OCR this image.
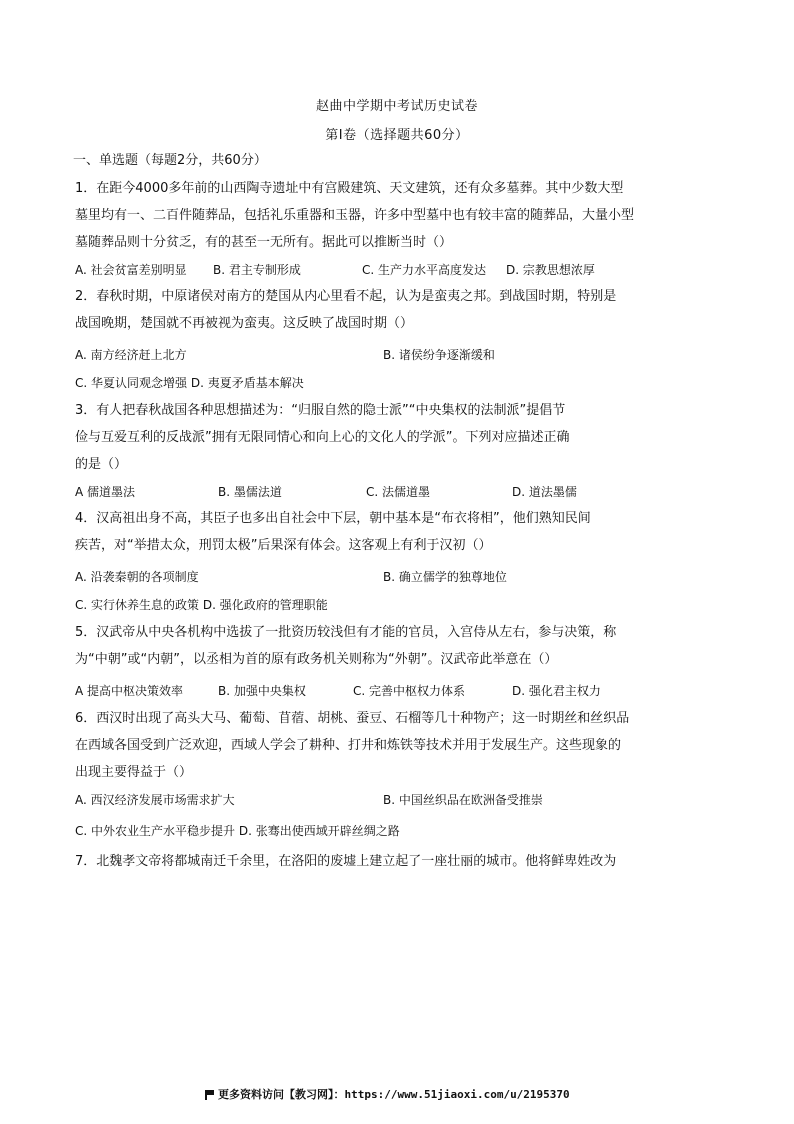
赵曲中学期中考试历史试卷
第Ⅰ卷（选择题共60分）
一、单选题（每题2分，共60分）
1．在距今4000多年前的山西陶寺遗址中有宫殿建筑、天文建筑，还有众多墓葬。其中少数大型
墓里均有一、二百件随葬品，包括礼乐重器和玉器，许多中型墓中也有较丰富的随葬品，大量小型
墓随葬品则十分贫乏，有的甚至一无所有。据此可以推断当时（）
A. 社会贫富差别明显 B. 君主专制形成	C. 生产力水平高度发达 D. 宗教思想浓厚
2．春秋时期，中原诸侯对南方的楚国从内心里看不起，认为是蛮夷之邦。到战国时期，特别是
战国晚期，楚国就不再被视为蛮夷。这反映了战国时期（）
A. 南方经济赶上北方	B. 诸侯纷争逐渐缓和
C. 华夏认同观念增强 D. 夷夏矛盾基本解决
3．有人把春秋战国各种思想描述为：“归服自然的隐士派”“中央集权的法制派”提倡节
俭与互爱互利的反战派”拥有无限同情心和向上心的文化人的学派”。下列对应描述正确
的是（）
A 儒道墨法	B. 墨儒法道	C. 法儒道墨	D. 道法墨儒
4．汉高祖出身不高，其臣子也多出自社会中下层，朝中基本是“布衣将相”，他们熟知民间
疾苦，对“举措太众，刑罚太极”后果深有体会。这客观上有利于汉初（）
A. 沿袭秦朝的各项制度	B. 确立儒学的独尊地位
C. 实行休养生息的政策 D. 强化政府的管理职能
5．汉武帝从中央各机构中选拔了一批资历较浅但有才能的官员，入宫侍从左右，参与决策，称
为“中朝”或“内朝”，以丞相为首的原有政务机关则称为“外朝”。汉武帝此举意在（）
A 提高中枢决策效率	B. 加强中央集权	C. 完善中枢权力体系	D. 强化君主权力
6．西汉时出现了高头大马、葡萄、苜蓿、胡桃、蚕豆、石榴等几十种物产；这一时期丝和丝织品
在西域各国受到广泛欢迎，西域人学会了耕种、打井和炼铁等技术并用于发展生产。这些现象的
出现主要得益于（）
A. 西汉经济发展市场需求扩大	B. 中国丝织品在欧洲备受推崇
C. 中外农业生产水平稳步提升 D. 张骞出使西域开辟丝绸之路
7．北魏孝文帝将都城南迁千余里，在洛阳的废墟上建立起了一座壮丽的城市。他将鲜卑姓改为
更多资料访问【教习网】：https://www.51jiaoxi.com/u/2195370
